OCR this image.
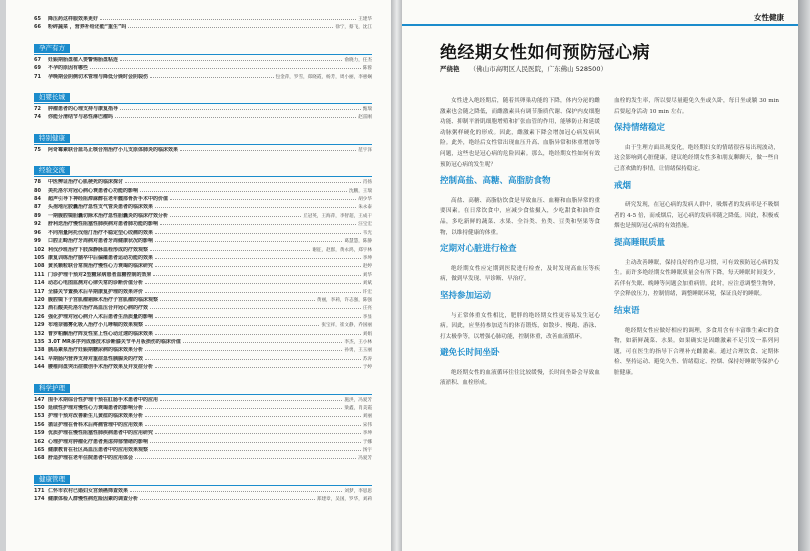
65	降压药这样服效果更好	王建华
66	粉碎蔬菜 ，营养补给还能“重生”吗	徐宁，蔡飞，沈江
孕产有方
67	妊娠期胎盘植入要警惕胎盘粘连	俞晓力，任杰
69	不孕的原因有哪些	陈蓉
71	孕晚期会阴侧切术管理与降低分娩时会阴裂伤	包金萍，罗雪，郑晓霞，杨芳，周小丽，李惠娴
妇婴长城
72	肿瘤患者的心理支持与康复指导	甄瑞
74	你能分清结节与恶性淋巴瘤吗	赵雷刚
特别健康
75	阿奇霉素联合蓝鸟止咳合剂治疗小儿支原体肺炎的临床效果	范宇泽
经验交流
78	中医辨证治疗心肌梗死的临床探讨	肖扬
80	美托洛尔对冠心病心衰患者心功能的影响	沈鹏，王瑞
84	超声引导下神经阻滞麻醉在老年髋部骨折手术中的价值	胡少华
87	头孢地尼胶囊治疗急性支气管炎患者的临床效果	朱永泰
89	一期腹腔镜胆囊切除术治疗急性胆囊炎的临床疗效分析	丘冠英，王海萍，李智超，王成干
92	舒利迭治疗慢性阻塞性肺疾病对患者肺功能的影响	汪宝宏
96	不同剂量阿托伐他汀治疗不稳定型心绞痛的效果	韦光
99	口腔正畸治疗牙周病对患者牙周健康状况的影响	葛慧慧，陈静
102 利伐沙班治疗下肢深静脉血栓形成的疗效观察	谢征，赵群，黄永鸿，郑宇林
105 康复训练治疗脑卒中后偏瘫患者运动功能的效果	李坤
108 黄芪颗粒联合常规治疗慢性心力衰竭的临床研究	赵婷
111 门诊护理干预对2型糖尿病患者血糖控制的效果	刘华
114 动态心电图监测对心律失常的诊断价值分析	刘斌
117 全膝关节置换术后早期康复护理的效果评价	许宏
120 腹腔镜下子宫肌瘤剔除术治疗子宫肌瘤的临床观察	黄丽，李莉，许志强，陈强
123 酒石酸美托洛尔治疗高血压合并冠心病的疗效	庄亮
126 强化护理对冠心病介入术后患者生活质量的影响	李显
129 布地奈德雾化吸入治疗小儿哮喘的效果观察	张宝祥，崔文静，乔国丽
132 普罗帕酮治疗阵发性室上性心动过速的临床效果	刘娟
135 3.0T MR多序列成像技术诊断膝关节半月板损伤的临床价值	李杰，王小林
138 胰岛素泵治疗妊娠期糖尿病的临床效果分析	孙勇，王玉丽
141 早期肠内营养支持对重症急性胰腺炎的疗效	苏涛
144 腰椎间盘突出症微创手术治疗效果及并发症分析	于婷
科学护理
147 围手术期综合性护理干预在肛肠手术患者中的应用	施洪，冯爱芳
150 延续性护理对慢性心力衰竭患者的影响分析	梁鑫，肖美霞
153 护理干预对改善新生儿黄疸的临床效果分析	刘丽
156 循证护理在骨科术后疼痛管理中的应用效果	宋伟
159 优质护理在慢性阻塞性肺疾病患者中的应用研究	李坤
162 心理护理对肿瘤化疗患者焦虑抑郁情绪的影响	于娜
165 健康教育在社区高血压患者中的应用效果观察	汤宇
168 舒适护理在老年住院患者中的应用体会	冯爱芳
健康管理
171 仁怀市农村已婚妇女宫颈癌筛查效果	刘梦，李思思
174 健康体检人群慢性病危险因素的调查分析	郑建章，吴国，罗华，刘莉
女性健康
绝经期女性如何预防冠心病
严绕艳 （佛山市高明区人民医院，广东佛山 528500）

女性进入绝经期后，随着其卵巢功能的下降，体内分泌的雌激素也会随之降低，而雌激素具有调节脂质代谢、保护内皮细胞功能、抑制平滑肌细胞增殖和扩张血管的作用，能够防止和延缓动脉粥样硬化的形成。因此，雌激素下降会增加冠心病发病风险。此外，绝经后女性常出现血压升高、血脂异常和体重增加等问题，这些也是冠心病的危险因素。那么，绝经期女性如何有效预防冠心病的发生呢？

控制高盐、高糖、高脂肪食物

高盐、高糖、高脂肪饮食是导致血压、血糖和血脂异常的重要因素。在日常饮食中，应减少食盐摄入，少吃甜食和油炸食品，多吃新鲜的蔬菜、水果、全谷类、鱼类、豆类和坚果等食物，以维持健康的体重。

定期对心脏进行检查

绝经期女性应定期到医院进行检查，及时发现高血压等疾病，做到早发现、早诊断、早治疗。

坚持参加运动

与正常体重女性相比，肥胖的绝经期女性更容易发生冠心病。因此，应坚持参加适当的体育锻炼，如散步、慢跑、游泳、打太极拳等，以增强心肺功能，控制体重，改善血液循环。

避免长时间坐卧

绝经期女性的血液循环往往比较缓慢，长时间坐卧会导致血液淤积、血栓形成。

血栓的发生率，所以要尽量避免久坐或久卧，每日坐或躺 30 min 后要起身活动 10 min 左右。

保持情绪稳定

由于生理方面出现变化，绝经期妇女的情绪很容易出现波动，这会影响到心脏健康，建议绝经期女性多和朋友聊聊天，做一些自己喜欢做的事情，让情绪保持稳定。

戒烟

研究发现，在冠心病的发病人群中，吸烟者的发病率是不吸烟者的 4-5 倍，而戒烟后，冠心病的发病率随之降低。因此，积极戒烟也是预防冠心病的有效措施。

提高睡眠质量

主动改善睡眠，保持良好的作息习惯，可有效预防冠心病的发生。而许多绝经期女性睡眠质量会有所下降，每天睡眠时间变少，若伴有失眠、晚睡等问题会加重病情，此时，应注意调整生物钟，学会释放压力，控制情绪，调整睡眠环境，保证良好的睡眠。

结束语

绝经期女性应做好相应的调理，多食用含有丰富维生素C的食物，如新鲜蔬菜、水果。如果确实是因雌激素不足引发一系列问题，可在医生的指导下合理补充雌激素。通过合理饮食、定期体检、坚持运动、避免久坐、情绪稳定、控烟、保持好睡眠等保护心脏健康。
